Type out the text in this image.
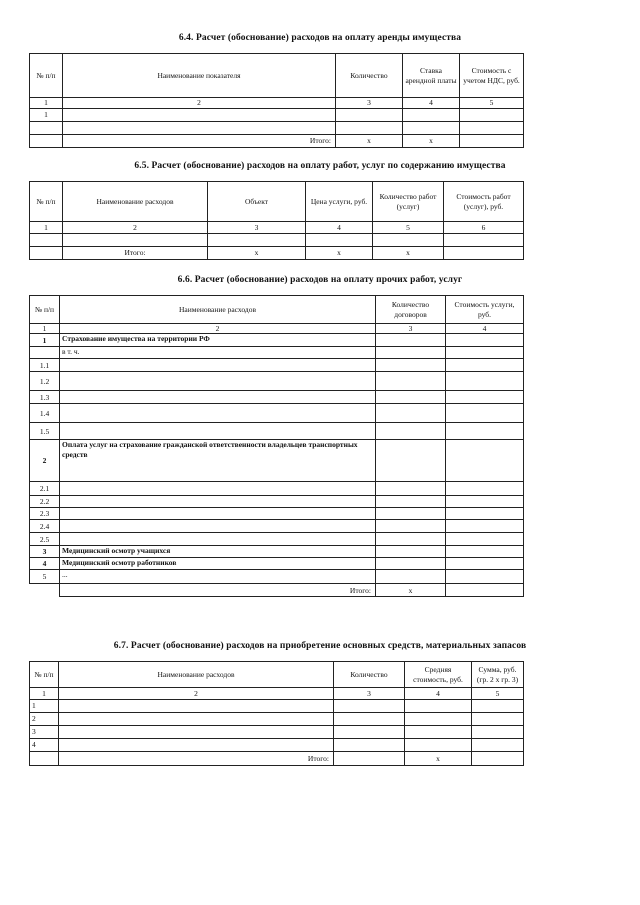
6.4. Расчет (обоснование) расходов на оплату аренды имущества
№ п/п	Наименование показателя	Количество	Ставка арендной платы	Стоимость с учетом НДС, руб.
1	2	3	4	5
1				

	Итого:	x	x	
6.5. Расчет (обоснование) расходов на оплату работ, услуг по содержанию имущества
№ п/п	Наименование расходов	Объект	Цена услуги, руб.	Количество работ (услуг)	Стоимость работ (услуг), руб.
1	2	3	4	5	6

	Итого:	x	x	x	
6.6. Расчет (обоснование) расходов на оплату прочих работ, услуг
№ п/п	Наименование расходов	Количество договоров	Стоимость услуги, руб.
1	2	3	4
1	Страхование имущества на территории РФ		
	в т. ч.		
1.1			
1.2			
1.3			
1.4			
1.5			
2	Оплата услуг на страхование гражданской ответственности владельцев транспортных средств		
2.1			
2.2			
2.3			
2.4			
2.5			
3	Медицинский осмотр учащихся		
4	Медицинский осмотр работников		
5	...		
	Итого:	x	
6.7. Расчет (обоснование) расходов на приобретение основных средств, материальных запасов
№ п/п	Наименование расходов	Количество	Средняя стоимость, руб.	Сумма, руб. (гр. 2 х гр. 3)
1	2	3	4	5
1				
2				
3				
4				
	Итого:		x	
